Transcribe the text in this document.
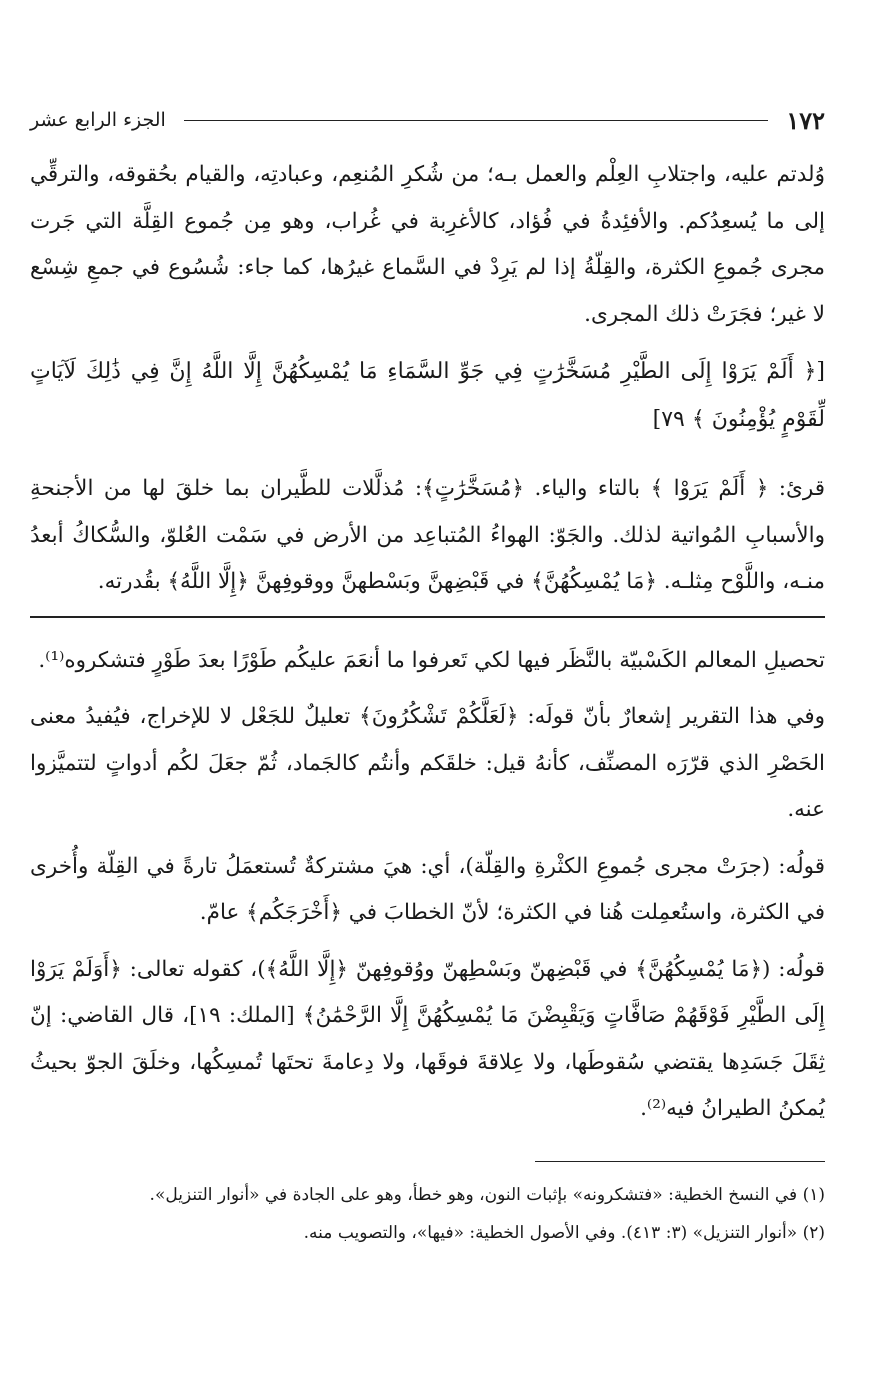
١٧٢
الجزء الرابع عشر

وُلدتم عليه، واجتلابِ العِلْم والعمل بـه؛ من شُكرِ المُنعِم، وعبادتِه، والقيام بحُقوقه، والترقِّي إلى ما يُسعِدُكم. والأفئِدةُ في فُؤاد، كالأغرِبة في غُراب، وهو مِن جُموع القِلَّة التي جَرت مجرى جُموعِ الكثرة، والقِلّةُ إذا لم يَرِدْ في السَّماع غيرُها، كما جاء: شُسُوع في جمعِ شِسْع لا غير؛ فجَرَتْ ذلك المجرى.

[﴿ أَلَمْ يَرَوْا إِلَى الطَّيْرِ مُسَخَّرَٰتٍ فِي جَوِّ السَّمَاءِ مَا يُمْسِكُهُنَّ إِلَّا اللَّهُ إِنَّ فِي ذَٰلِكَ لَآيَاتٍ لِّقَوْمٍ يُؤْمِنُونَ ﴾ ٧٩]

قرئ: ﴿ أَلَمْ يَرَوْا ﴾ بالتاء والياء. ﴿مُسَخَّرَٰتٍ﴾: مُذلَّلات للطَّيران بما خلقَ لها من الأجنحةِ والأسبابِ المُواتية لذلك. والجَوّ: الهواءُ المُتباعِد من الأرض في سَمْت العُلوّ، والسُّكاكُ أبعدُ منـه، واللَّوْح مِثلـه. ﴿مَا يُمْسِكُهُنَّ﴾ في قَبْضِهنَّ وبَسْطهنَّ ووقوفِهنَّ ﴿إِلَّا اللَّهُ﴾ بقُدرته.

تحصيلِ المعالم الكَسْبيّة بالنَّظَر فيها لكي تَعرفوا ما أنعَمَ عليكُم طَوْرًا بعدَ طَوْرٍ فتشكروه⁽¹⁾.

وفي هذا التقرير إشعارٌ بأنّ قولَه: ﴿لَعَلَّكُمْ تَشْكُرُونَ﴾ تعليلٌ للجَعْل لا للإخراج، فيُفيدُ معنى الحَصْرِ الذي قرّرَه المصنِّف، كأنهُ قيل: خلقَكم وأنتُم كالجَماد، ثُمّ جعَلَ لكُم أدواتٍ لتتميَّزوا عنه.

قولُه: (جرَتْ مجرى جُموعِ الكثْرةِ والقِلّة)، أي: هيَ مشتركةٌ تُستعمَلُ تارةً في القِلّة وأُخرى في الكثرة، واستُعمِلت هُنا في الكثرة؛ لأنّ الخطابَ في ﴿أَخْرَجَكُم﴾ عامّ.

قولُه: (﴿مَا يُمْسِكُهُنَّ﴾ في قَبْضِهنّ وبَسْطِهنّ ووُقوفِهنّ ﴿إِلَّا اللَّهُ﴾)، كقوله تعالى: ﴿أَوَلَمْ يَرَوْا إِلَى الطَّيْرِ فَوْقَهُمْ صَافَّاتٍ وَيَقْبِضْنَ مَا يُمْسِكُهُنَّ إِلَّا الرَّحْمَٰنُ﴾ [الملك: ١٩]، قال القاضي: إنّ ثِقَلَ جَسَدِها يقتضي سُقوطَها، ولا عِلاقةَ فوقَها، ولا دِعامةَ تحتَها تُمسِكُها، وخلَقَ الجوّ بحيثُ يُمكنُ الطيرانُ فيه⁽²⁾.

(١) في النسخ الخطية: «فتشكرونه» بإثبات النون، وهو خطأ، وهو على الجادة في «أنوار التنزيل».

(٢) «أنوار التنزيل» (٣: ٤١٣). وفي الأصول الخطية: «فيها»، والتصويب منه.
